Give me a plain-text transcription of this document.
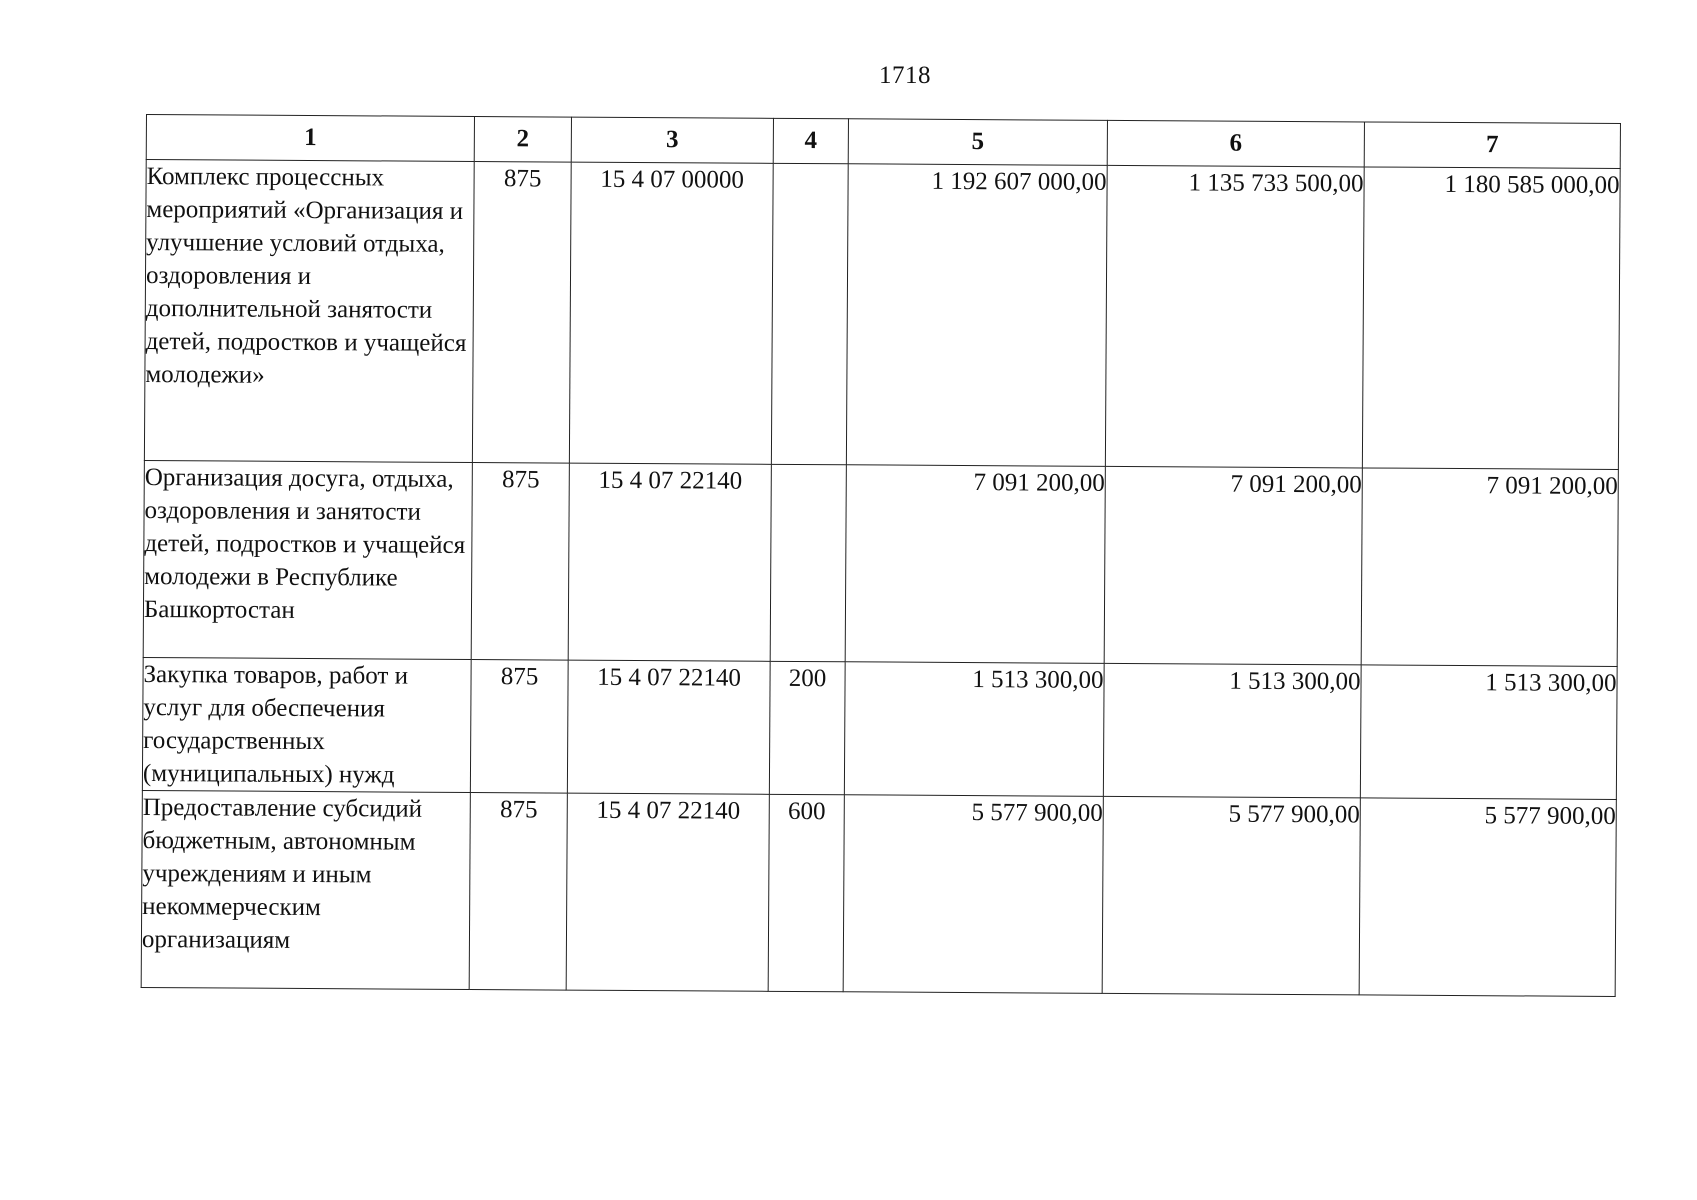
1718
1	2	3	4	5	6	7
Комплекс процессных мероприятий «Организация и улучшение условий отдыха, оздоровления и дополнительной занятости детей, подростков и учащейся молодежи»	875	15 4 07 00000		1 192 607 000,00	1 135 733 500,00	1 180 585 000,00
Организация досуга, отдыха, оздоровления и занятости детей, подростков и учащейся молодежи в Республике Башкортостан	875	15 4 07 22140		7 091 200,00	7 091 200,00	7 091 200,00
Закупка товаров, работ и услуг для обеспечения государственных (муниципальных) нужд	875	15 4 07 22140	200	1 513 300,00	1 513 300,00	1 513 300,00
Предоставление субсидий бюджетным, автономным учреждениям и иным некоммерческим организациям	875	15 4 07 22140	600	5 577 900,00	5 577 900,00	5 577 900,00
